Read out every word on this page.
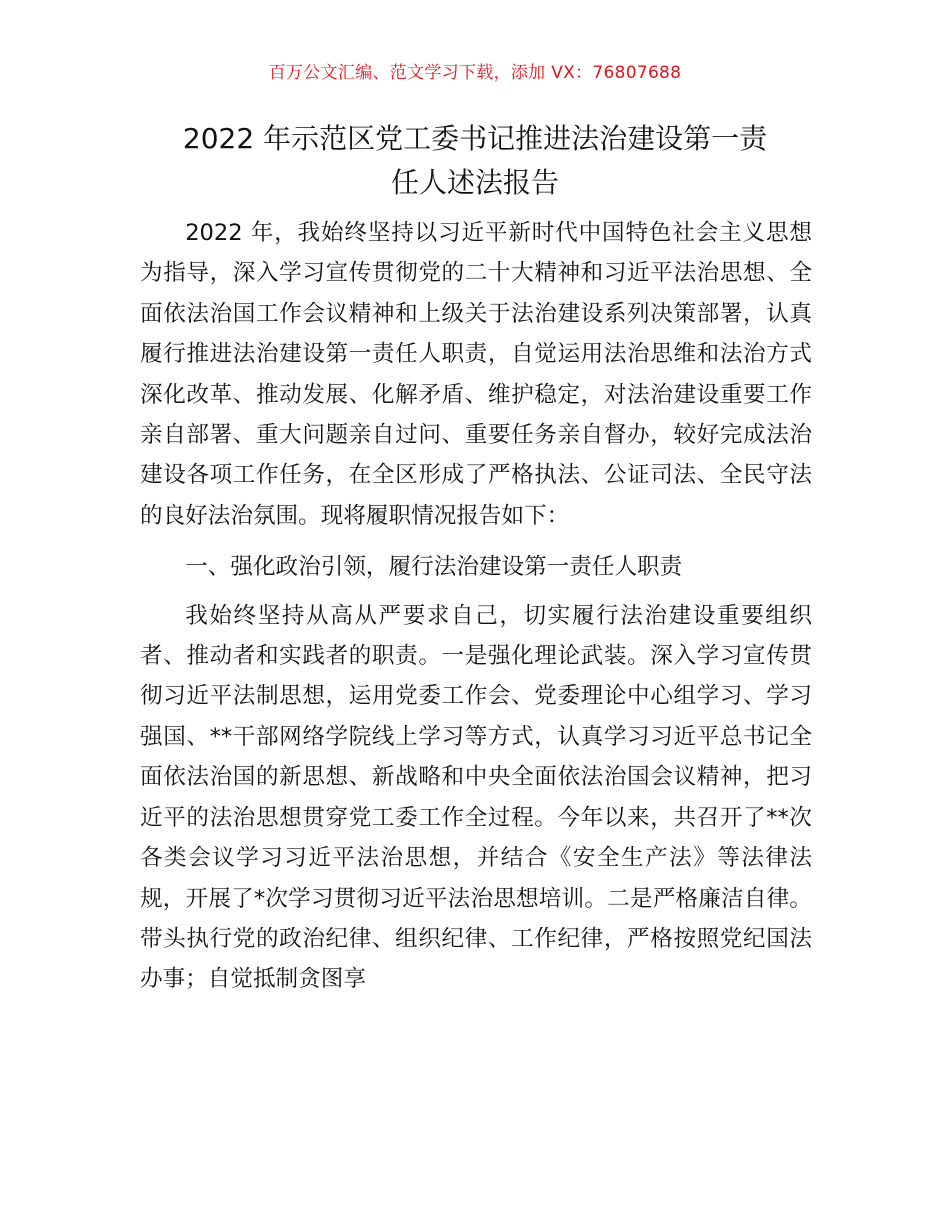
百万公文汇编、范文学习下载，添加 VX：76807688
2022 年示范区党工委书记推进法治建设第一责
任人述法报告

2022 年，我始终坚持以习近平新时代中国特色社会主义思想为指导，深入学习宣传贯彻党的二十大精神和习近平法治思想、全面依法治国工作会议精神和上级关于法治建设系列决策部署，认真履行推进法治建设第一责任人职责，自觉运用法治思维和法治方式深化改革、推动发展、化解矛盾、维护稳定，对法治建设重要工作亲自部署、重大问题亲自过问、重要任务亲自督办，较好完成法治建设各项工作任务，在全区形成了严格执法、公证司法、全民守法的良好法治氛围。现将履职情况报告如下：

一、强化政治引领，履行法治建设第一责任人职责

我始终坚持从高从严要求自己，切实履行法治建设重要组织者、推动者和实践者的职责。一是强化理论武装。深入学习宣传贯彻习近平法制思想，运用党委工作会、党委理论中心组学习、学习强国、**干部网络学院线上学习等方式，认真学习习近平总书记全面依法治国的新思想、新战略和中央全面依法治国会议精神，把习近平的法治思想贯穿党工委工作全过程。今年以来，共召开了**次各类会议学习习近平法治思想，并结合《安全生产法》等法律法规，开展了*次学习贯彻习近平法治思想培训。二是严格廉洁自律。带头执行党的政治纪律、组织纪律、工作纪律，严格按照党纪国法办事；自觉抵制贪图享
